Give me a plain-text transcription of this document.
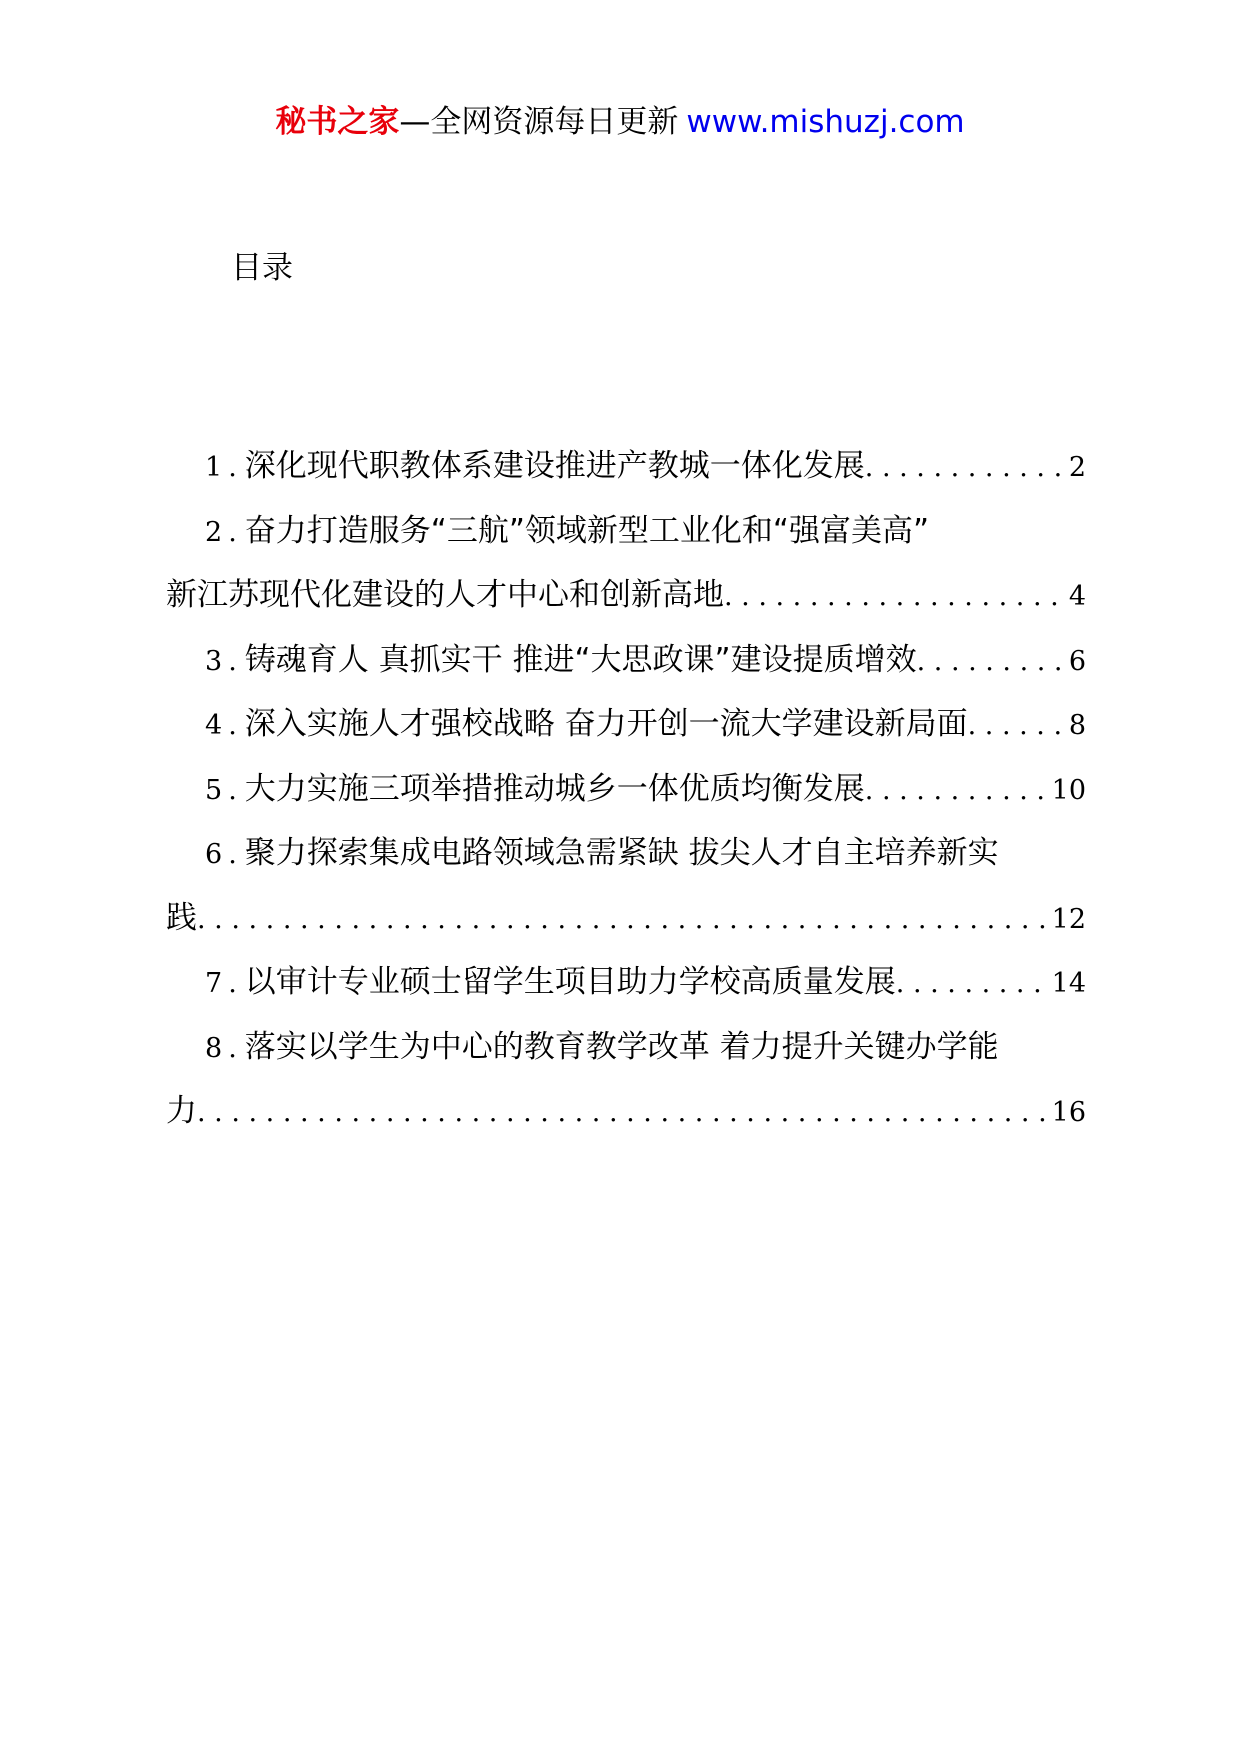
秘书之家—全网资源每日更新 www.mishuzj.com
目录
1 . 深化现代职教体系建设推进产教城一体化发展 . . .	2
2 . 奋力打造服务“三航”领域新型工业化和“强富美高”
新江苏现代化建设的人才中心和创新高地 . . .	4
3 . 铸魂育人 真抓实干 推进“大思政课”建设提质增效 . . .	6
4 . 深入实施人才强校战略 奋力开创一流大学建设新局面 . . .	8
5 . 大力实施三项举措推动城乡一体优质均衡发展 . . .	10
6 . 聚力探索集成电路领域急需紧缺 拔尖人才自主培养新实
践 . . .	12
7 . 以审计专业硕士留学生项目助力学校高质量发展 . . .	14
8 . 落实以学生为中心的教育教学改革 着力提升关键办学能
力 . . .	16
